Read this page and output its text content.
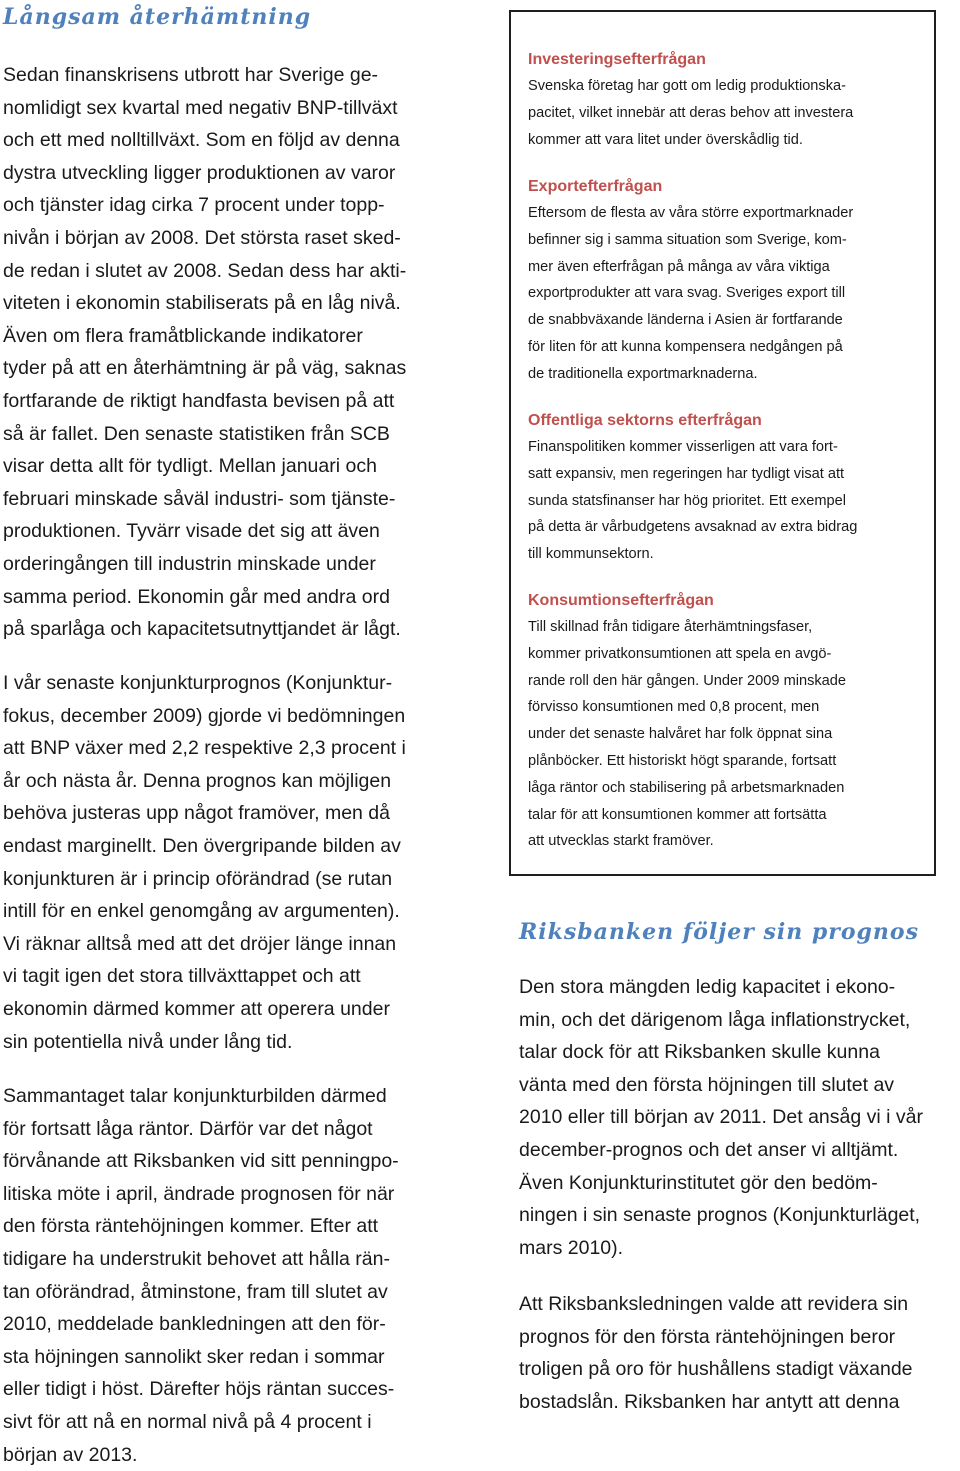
Långsam återhämtning
Sedan finanskrisens utbrott har Sverige ge-
nomlidigt sex kvartal med negativ BNP-tillväxt
och ett med nolltillväxt. Som en följd av denna
dystra utveckling ligger produktionen av varor
och tjänster idag cirka 7 procent under topp-
nivån i början av 2008. Det största raset sked-
de redan i slutet av 2008. Sedan dess har akti-
viteten i ekonomin stabiliserats på en låg nivå.
Även om flera framåtblickande indikatorer
tyder på att en återhämtning är på väg, saknas
fortfarande de riktigt handfasta bevisen på att
så är fallet. Den senaste statistiken från SCB
visar detta allt för tydligt. Mellan januari och
februari minskade såväl industri- som tjänste-
produktionen. Tyvärr visade det sig att även
orderingången till industrin minskade under
samma period. Ekonomin går med andra ord
på sparlåga och kapacitetsutnyttjandet är lågt.
I vår senaste konjunkturprognos (Konjunktur-
fokus, december 2009) gjorde vi bedömningen
att BNP växer med 2,2 respektive 2,3 procent i
år och nästa år. Denna prognos kan möjligen
behöva justeras upp något framöver, men då
endast marginellt. Den övergripande bilden av
konjunkturen är i princip oförändrad (se rutan
intill för en enkel genomgång av argumenten).
Vi räknar alltså med att det dröjer länge innan
vi tagit igen det stora tillväxttappet och att
ekonomin därmed kommer att operera under
sin potentiella nivå under lång tid.
Sammantaget talar konjunkturbilden därmed
för fortsatt låga räntor. Därför var det något
förvånande att Riksbanken vid sitt penningpo-
litiska möte i april, ändrade prognosen för när
den första räntehöjningen kommer. Efter att
tidigare ha understrukit behovet att hålla rän-
tan oförändrad, åtminstone, fram till slutet av
2010, meddelade bankledningen att den för-
sta höjningen sannolikt sker redan i sommar
eller tidigt i höst. Därefter höjs räntan succes-
sivt för att nå en normal nivå på 4 procent i
början av 2013.
Investeringsefterfrågan
Svenska företag har gott om ledig produktionska-
pacitet, vilket innebär att deras behov att investera
kommer att vara litet under överskådlig tid.
Exportefterfrågan
Eftersom de flesta av våra större exportmarknader
befinner sig i samma situation som Sverige, kom-
mer även efterfrågan på många av våra viktiga
exportprodukter att vara svag. Sveriges export till
de snabbväxande länderna i Asien är fortfarande
för liten för att kunna kompensera nedgången på
de traditionella exportmarknaderna.
Offentliga sektorns efterfrågan
Finanspolitiken kommer visserligen att vara fort-
satt expansiv, men regeringen har tydligt visat att
sunda statsfinanser har hög prioritet. Ett exempel
på detta är vårbudgetens avsaknad av extra bidrag
till kommunsektorn.
Konsumtionsefterfrågan
Till skillnad från tidigare återhämtningsfaser,
kommer privatkonsumtionen att spela en avgö-
rande roll den här gången. Under 2009 minskade
förvisso konsumtionen med 0,8 procent, men
under det senaste halvåret har folk öppnat sina
plånböcker. Ett historiskt högt sparande, fortsatt
låga räntor och stabilisering på arbetsmarknaden
talar för att konsumtionen kommer att fortsätta
att utvecklas starkt framöver.
Riksbanken följer sin prognos
Den stora mängden ledig kapacitet i ekono-
min, och det därigenom låga inflationstrycket,
talar dock för att Riksbanken skulle kunna
vänta med den första höjningen till slutet av
2010 eller till början av 2011. Det ansåg vi i vår
december-prognos och det anser vi alltjämt.
Även Konjunkturinstitutet gör den bedöm-
ningen i sin senaste prognos (Konjunkturläget,
mars 2010).
Att Riksbanksledningen valde att revidera sin
prognos för den första räntehöjningen beror
troligen på oro för hushållens stadigt växande
bostadslån. Riksbanken har antytt att denna
